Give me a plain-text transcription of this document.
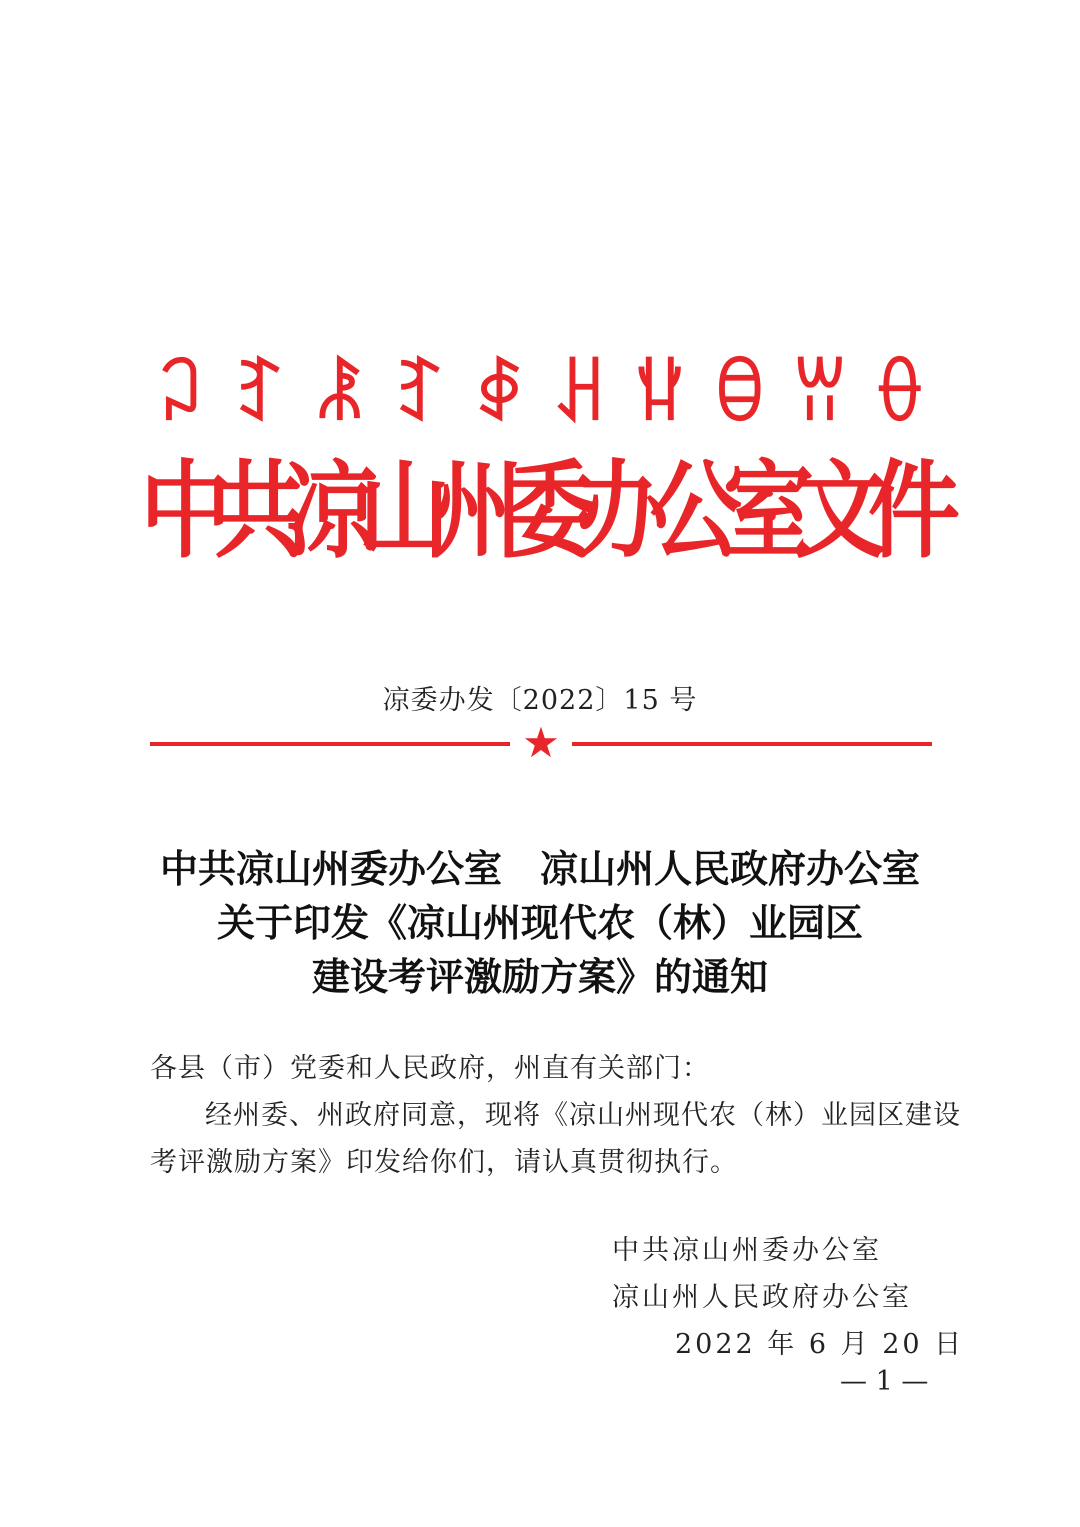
ꃀ ꆈ ꂿ ꆈ ꇉ ꃅ ꃚ ꃪ ꀕ ꂷ
中
共
凉
山
州
委
办
公
室
文
件
凉委办发〔2022〕15 号
★
中共凉山州委办公室　凉山州人民政府办公室
关于印发《凉山州现代农（林）业园区
建设考评激励方案》的通知
各县（市）党委和人民政府，州直有关部门：
经州委、州政府同意，现将《凉山州现代农（林）业园区建设
考评激励方案》印发给你们，请认真贯彻执行。
中共凉山州委办公室
凉山州人民政府办公室
2022 年 6 月 20 日
— 1 —
